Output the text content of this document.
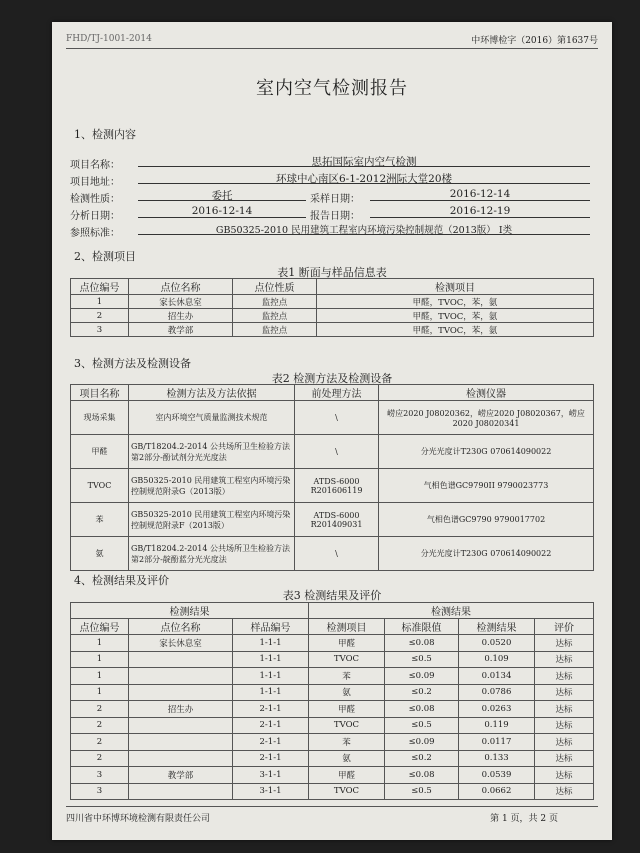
FHD/TJ-1001-2014	中环博检字（2016）第1637号
室内空气检测报告
1、检测内容
项目名称：	思拓国际室内空气检测
项目地址：	环球中心南区6-1-2012洲际大堂20楼
检测性质：	委托	采样日期：	2016-12-14
分析日期：	2016-12-14	报告日期：	2016-12-19
参照标准：	GB50325-2010 民用建筑工程室内环境污染控制规范（2013版） I类
2、检测项目
表1 断面与样品信息表
点位编号	点位名称	点位性质	检测项目
1	家长休息室	监控点	甲醛，TVOC，苯，氨
2	招生办	监控点	甲醛，TVOC，苯，氨
3	教学部	监控点	甲醛，TVOC，苯，氨
3、检测方法及检测设备
表2 检测方法及检测设备
项目名称	检测方法及方法依据	前处理方法	检测仪器
现场采集	室内环境空气质量监测技术规范	\	崂应2020 J08020362，崂应2020 J08020367，崂应2020 J08020341
甲醛	GB/T18204.2-2014 公共场所卫生检验方法 第2部分-酚试剂分光光度法	\	分光光度计T230G 070614090022
TVOC	GB50325-2010 民用建筑工程室内环境污染控制规范附录G（2013版）	ATDS-6000 R201606119	气相色谱GC9790II 9790023773
苯	GB50325-2010 民用建筑工程室内环境污染控制规范附录F（2013版）	ATDS-6000 R201409031	气相色谱GC9790 9790017702
氨	GB/T18204.2-2014 公共场所卫生检验方法 第2部分-靛酚蓝分光光度法	\	分光光度计T230G 070614090022
4、检测结果及评价
表3 检测结果及评价
检测结果			检测结果			
点位编号	点位名称	样品编号	检测项目	标准限值	检测结果	评价
1	家长休息室	1-1-1	甲醛	≤0.08	0.0520	达标
1		1-1-1	TVOC	≤0.5	0.109	达标
1		1-1-1	苯	≤0.09	0.0134	达标
1		1-1-1	氨	≤0.2	0.0786	达标
2	招生办	2-1-1	甲醛	≤0.08	0.0263	达标
2		2-1-1	TVOC	≤0.5	0.119	达标
2		2-1-1	苯	≤0.09	0.0117	达标
2		2-1-1	氨	≤0.2	0.133	达标
3	教学部	3-1-1	甲醛	≤0.08	0.0539	达标
3		3-1-1	TVOC	≤0.5	0.0662	达标
四川省中环博环境检测有限责任公司	第 1 页，共 2 页
